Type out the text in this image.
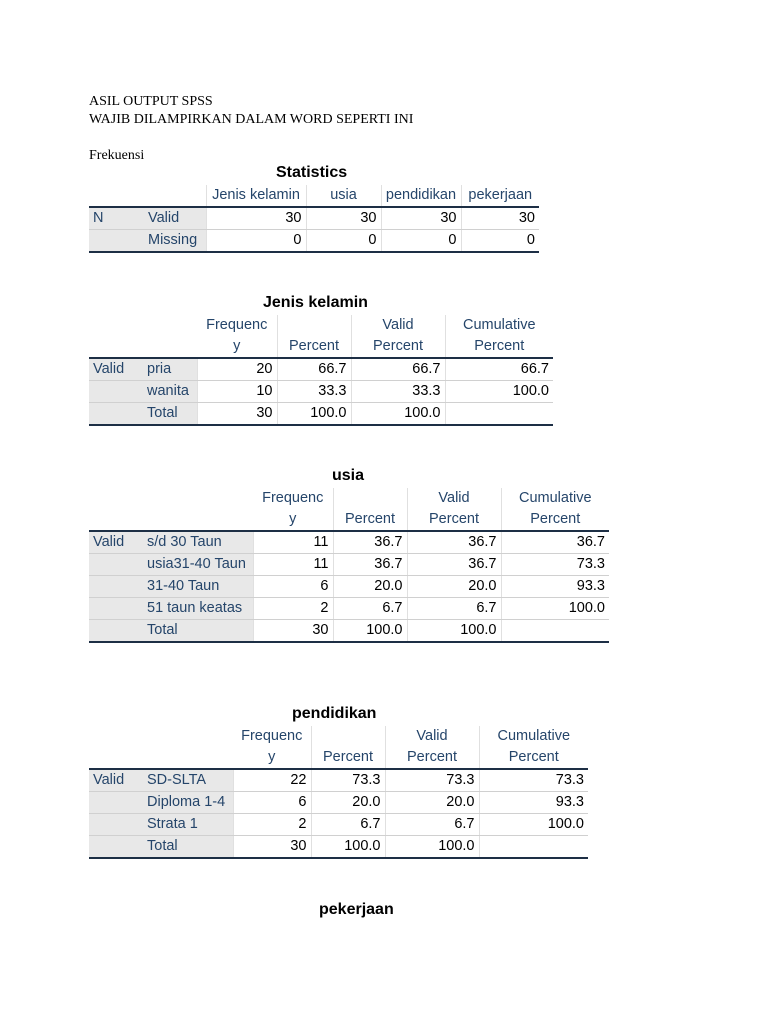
ASIL OUTPUT SPSS

WAJIB DILAMPIRKAN DALAM WORD SEPERTI INI

Frekuensi

Statistics
		Jenis kelamin	usia	pendidikan	pekerjaan
N	Valid	30	30	30	30
	Missing	0	0	0	0
Jenis kelamin
		Frequenc y	Percent	Valid Percent	Cumulative Percent
Valid	pria	20	66.7	66.7	66.7
	wanita	10	33.3	33.3	100.0
	Total	30	100.0	100.0	
usia
		Frequenc y	Percent	Valid Percent	Cumulative Percent
Valid	s/d 30 Taun	11	36.7	36.7	36.7
	usia31-40 Taun	11	36.7	36.7	73.3
	31-40 Taun	6	20.0	20.0	93.3
	51 taun keatas	2	6.7	6.7	100.0
	Total	30	100.0	100.0	
pendidikan
		Frequenc y	Percent	Valid Percent	Cumulative Percent
Valid	SD-SLTA	22	73.3	73.3	73.3
	Diploma 1-4	6	20.0	20.0	93.3
	Strata 1	2	6.7	6.7	100.0
	Total	30	100.0	100.0	
pekerjaan
